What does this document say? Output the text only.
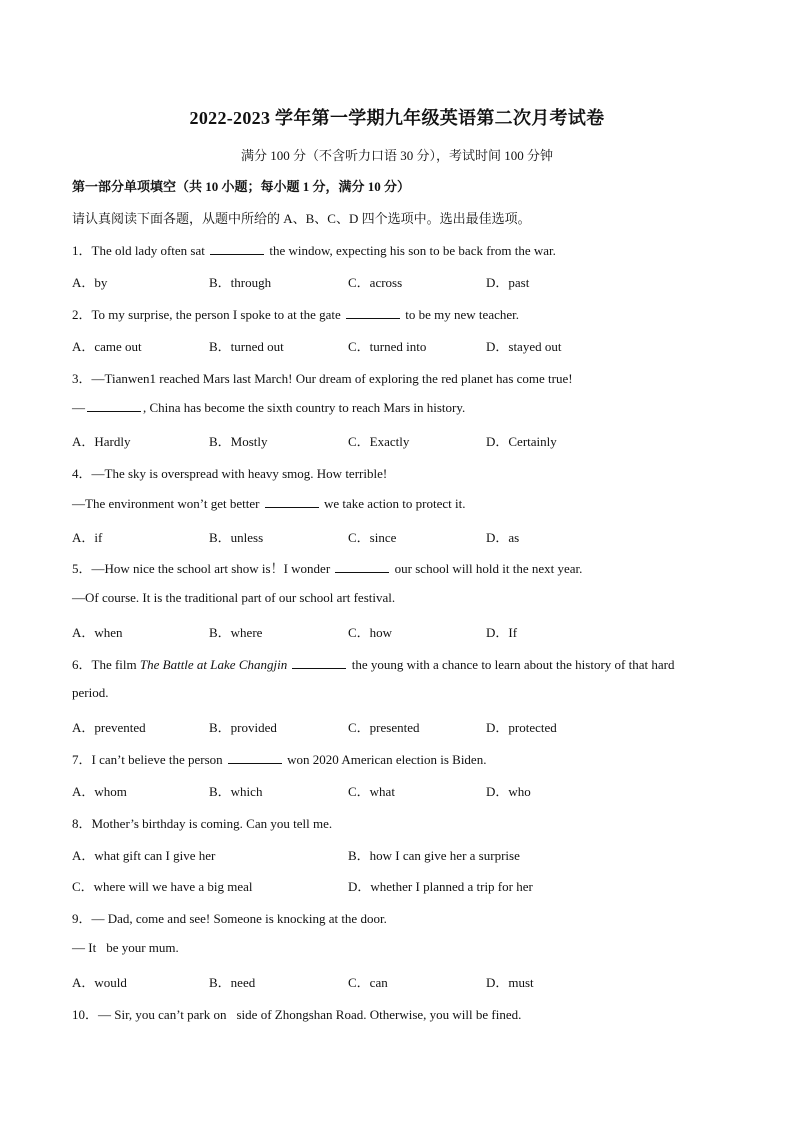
2022-2023 学年第一学期九年级英语第二次月考试卷
满分 100 分（不含听力口语 30 分），考试时间 100 分钟
第一部分单项填空（共 10 小题；每小题 1 分，满分 10 分）
请认真阅读下面各题，从题中所给的 A、B、C、D 四个选项中。选出最佳选项。
1．The old lady often sat	the window, expecting his son to be back from the war.
A．by	B．through	C．across	D．past
2．To my surprise, the person I spoke to at the gate	to be my new teacher.
A．came out	B．turned out	C．turned into	D．stayed out
3．—Tianwen1 reached Mars last March! Our dream of exploring the red planet has come true!
—	, China has become the sixth country to reach Mars in history.
A．Hardly	B．Mostly	C．Exactly	D．Certainly
4．—The sky is overspread with heavy smog. How terrible!
—The environment won’t get better	we take action to protect it.
A．if	B．unless	C．since	D．as
5．—How nice the school art show is！I wonder	our school will hold it the next year.
—Of course. It is the traditional part of our school art festival.
A．when	B．where	C．how	D．If
6．The film The Battle at Lake Changjin	the young with a chance to learn about the history of that hard
period.
A．prevented	B．provided	C．presented	D．protected
7．I can’t believe the person	won 2020 American election is Biden.
A．whom	B．which	C．what	D．who
8．Mother’s birthday is coming. Can you tell me.
A．what gift can I give her	B．how I can give her a surprise
C．where will we have a big meal	D．whether I planned a trip for her
9．— Dad, come and see! Someone is knocking at the door.
— It be your mum.
A．would	B．need	C．can	D．must
10．— Sir, you can’t park on side of Zhongshan Road. Otherwise, you will be fined.
